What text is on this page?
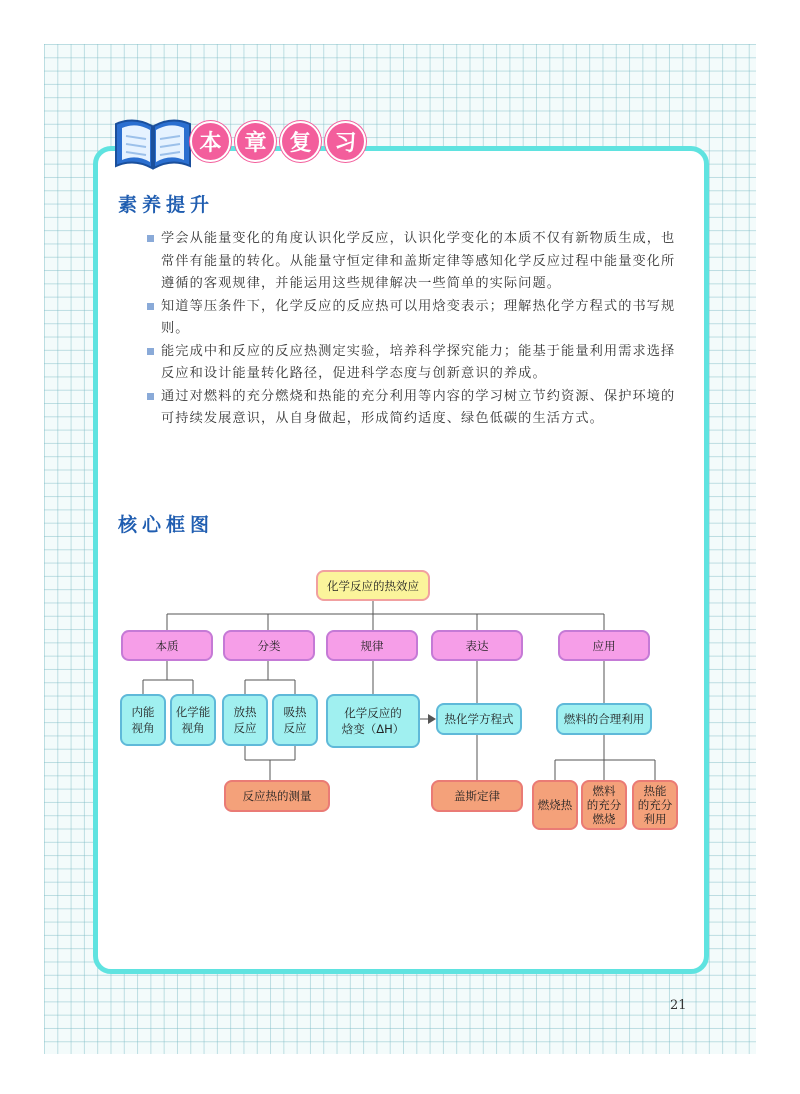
本	章	复	习
素养提升
学会从能量变化的角度认识化学反应，认识化学变化的本质不仅有新物质生成，也常伴有能量的转化。从能量守恒定律和盖斯定律等感知化学反应过程中能量变化所遵循的客观规律，并能运用这些规律解决一些简单的实际问题。
知道等压条件下，化学反应的反应热可以用焓变表示；理解热化学方程式的书写规则。
能完成中和反应的反应热测定实验，培养科学探究能力；能基于能量利用需求选择反应和设计能量转化路径，促进科学态度与创新意识的养成。
通过对燃料的充分燃烧和热能的充分利用等内容的学习树立节约资源、保护环境的可持续发展意识，从自身做起，形成简约适度、绿色低碳的生活方式。
核心框图
化学反应的热效应
本质	分类	规律	表达	应用
内能
视角
化学能
视角
放热
反应
吸热
反应
反应热的测量
化学反应的
焓变（ΔH）
热化学方程式
盖斯定律
燃料的合理利用
燃烧热
燃料
的充分
燃烧
热能
的充分
利用
21
